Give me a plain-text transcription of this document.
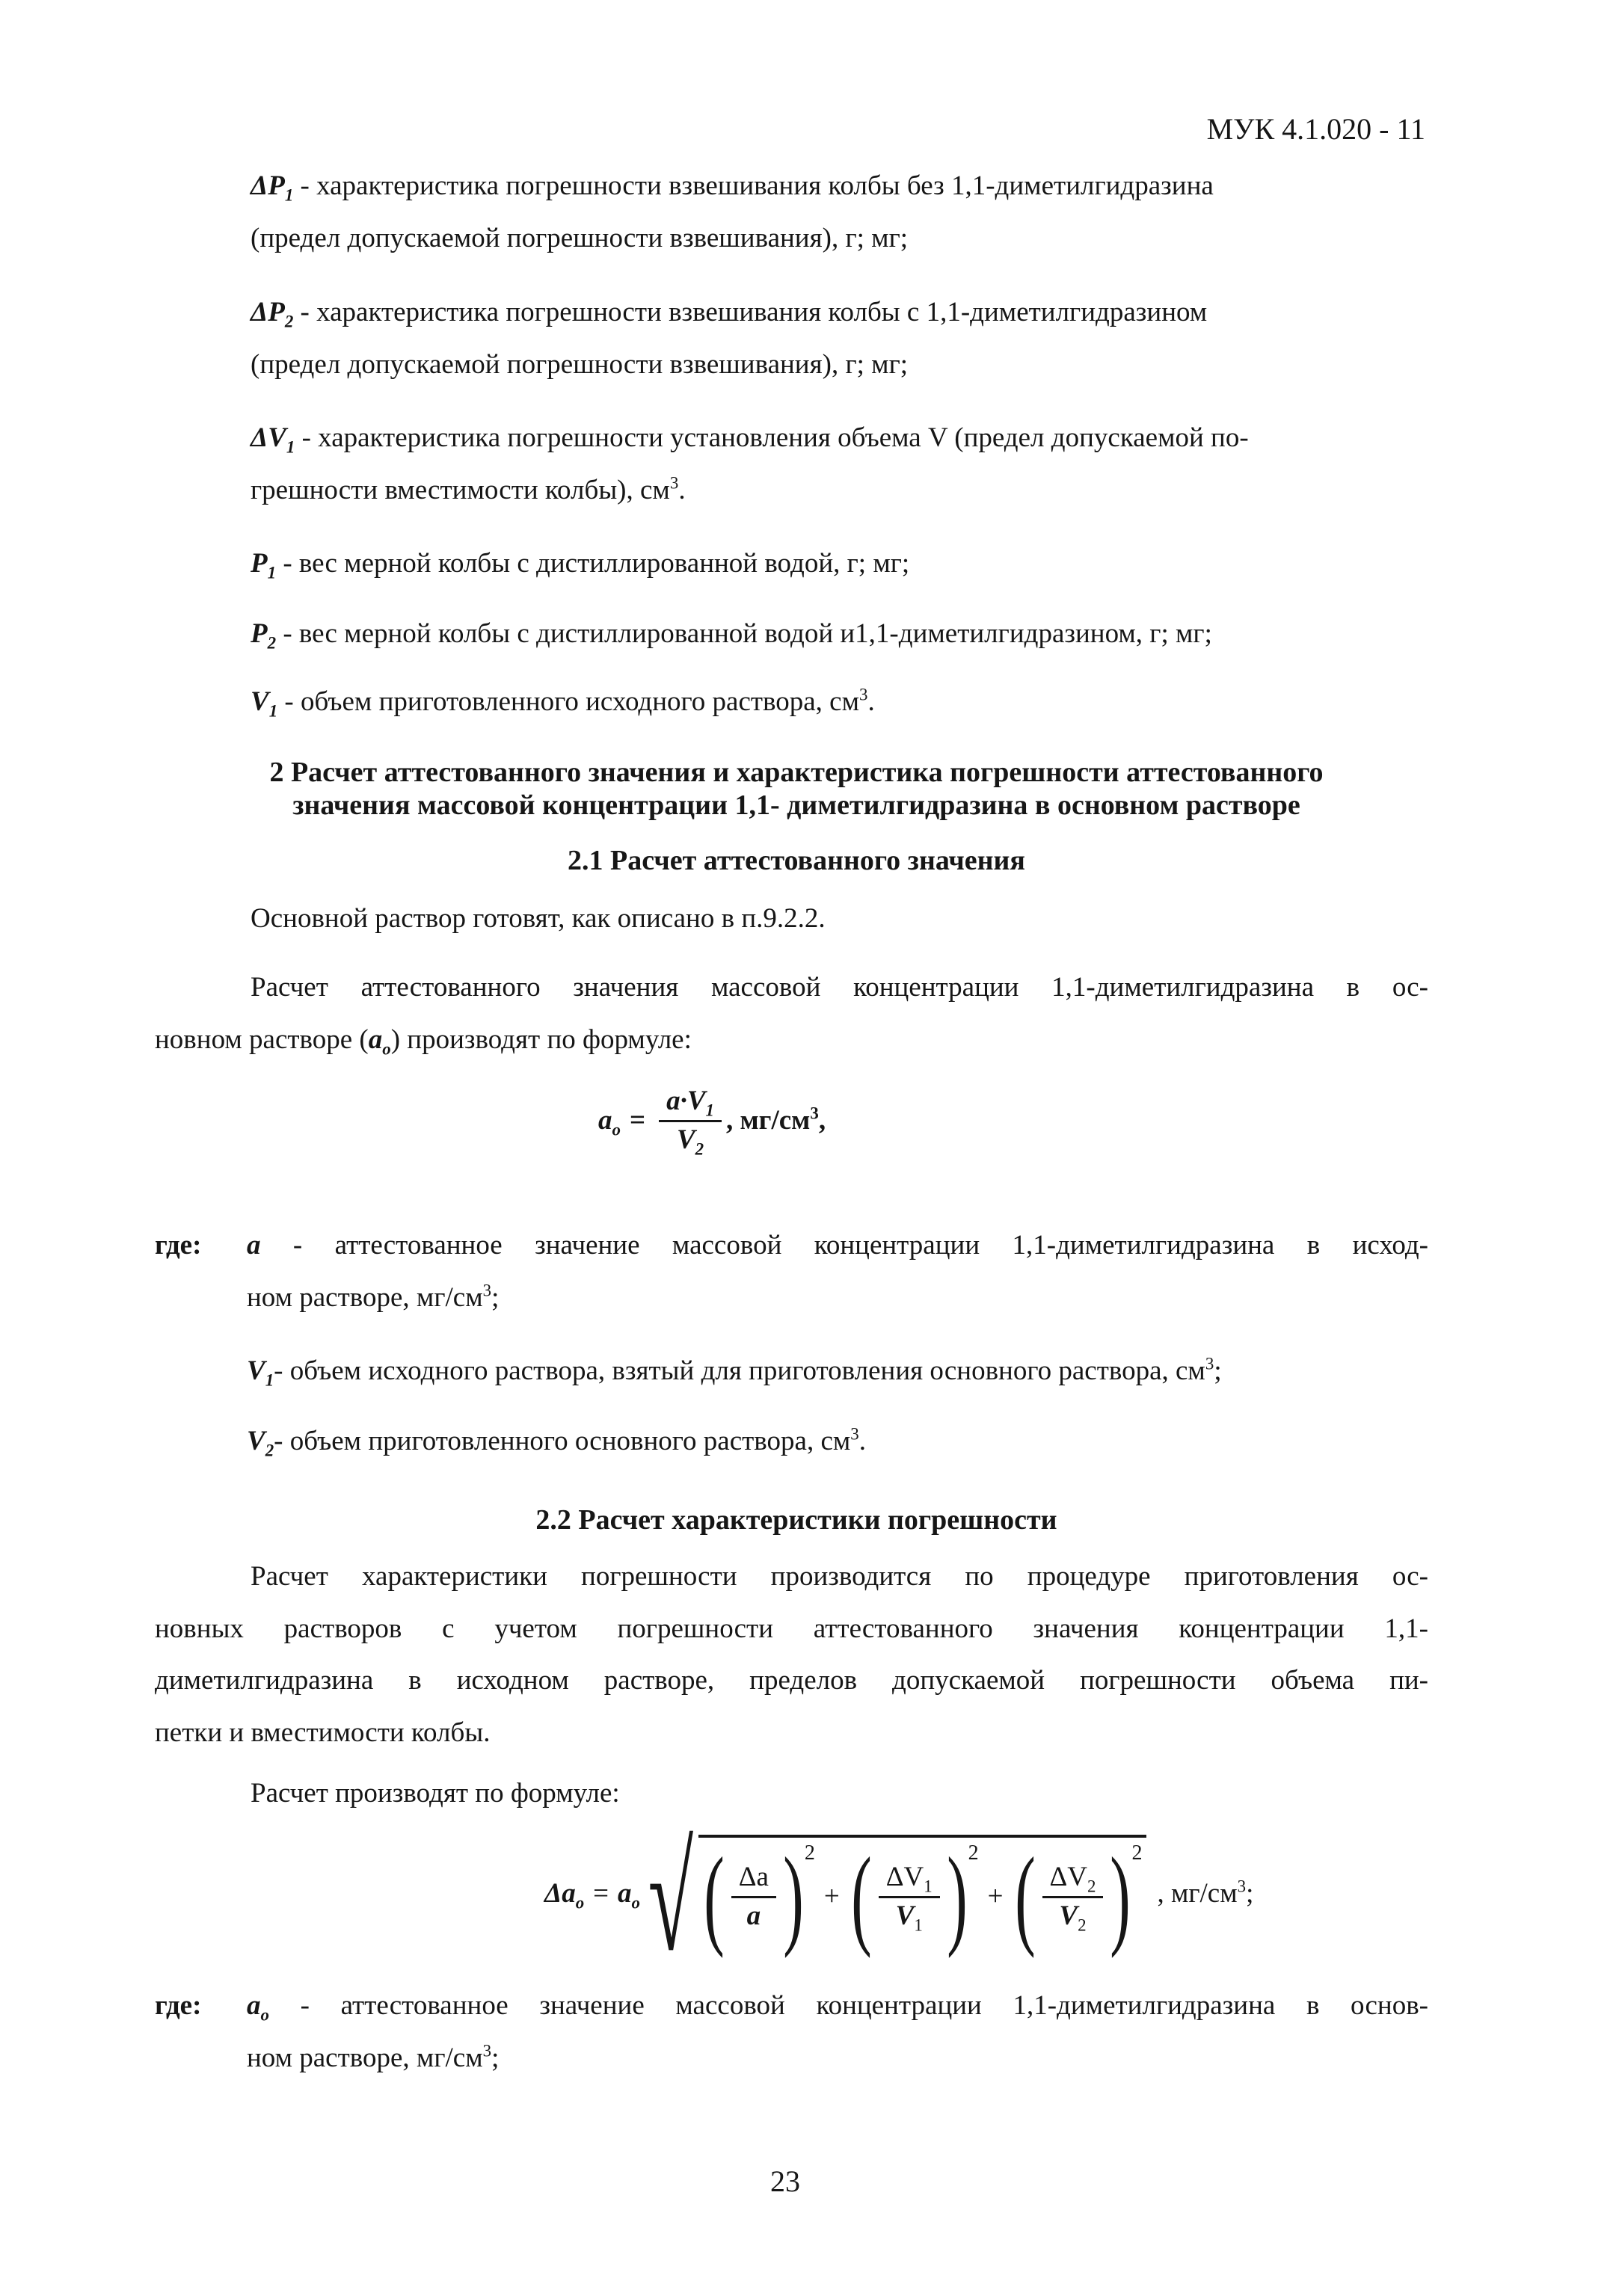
МУК 4.1.020 - 11
$\Delta P_1$ - характеристика погрешности взвешивания колбы без 1,1-диметилгидразина
(предел допускаемой погрешности взвешивания), г; мг;
$\Delta P_2$ - характеристика погрешности взвешивания колбы с 1,1-диметилгидразином
(предел допускаемой погрешности взвешивания), г; мг;
$\Delta V_1$ - характеристика погрешности установления объема V (предел допускаемой по-
грешности вместимости колбы), $см^3$.
$P_1$ - вес мерной колбы с дистиллированной водой, г; мг;
$P_2$ - вес мерной колбы с дистиллированной водой и1,1-диметилгидразином, г; мг;
$V_1$ - объем приготовленного исходного раствора, $см^3$.
2 Расчет аттестованного значения и характеристика погрешности аттестованного
значения массовой концентрации 1,1- диметилгидразина в основном растворе
2.1 Расчет аттестованного значения
Основной раствор готовят, как описано в п.9.2.2.
Расчет аттестованного значения массовой концентрации 1,1-диметилгидразина в ос-
новном растворе $(a_o)$ производят по формуле:
$a_o = \frac{a\cdot V_1}{V_2}$ , $мг/см^3$,
где: a - аттестованное значение массовой концентрации 1,1-диметилгидразина в исход-
ном растворе, $мг/см^3$;
$V_1-$ объем исходного раствора, взятый для приготовления основного раствора, $см^3$;
$V_2-$ объем приготовленного основного раствора, $см^3$.
2.2 Расчет характеристики погрешности
Расчет характеристики погрешности производится по процедуре приготовления ос-
новных растворов с учетом погрешности аттестованного значения концентрации 1,1-
диметилгидразина в исходном растворе, пределов допускаемой погрешности объема пи-
петки и вместимости колбы.
Расчет производят по формуле:
$\Delta a_o = a_o$ √ ( $\frac{\Delta a}{a} )^2$
+ ( $\frac{\Delta V_1}{V_1} )^2$
+ ( $\frac{\Delta V_2}{V_2} )^2$
, $мг/см^3$;
где: $a_o$ - аттестованное значение массовой концентрации 1,1-диметилгидразина в основ-
ном растворе, $мг/см^3$;
23
